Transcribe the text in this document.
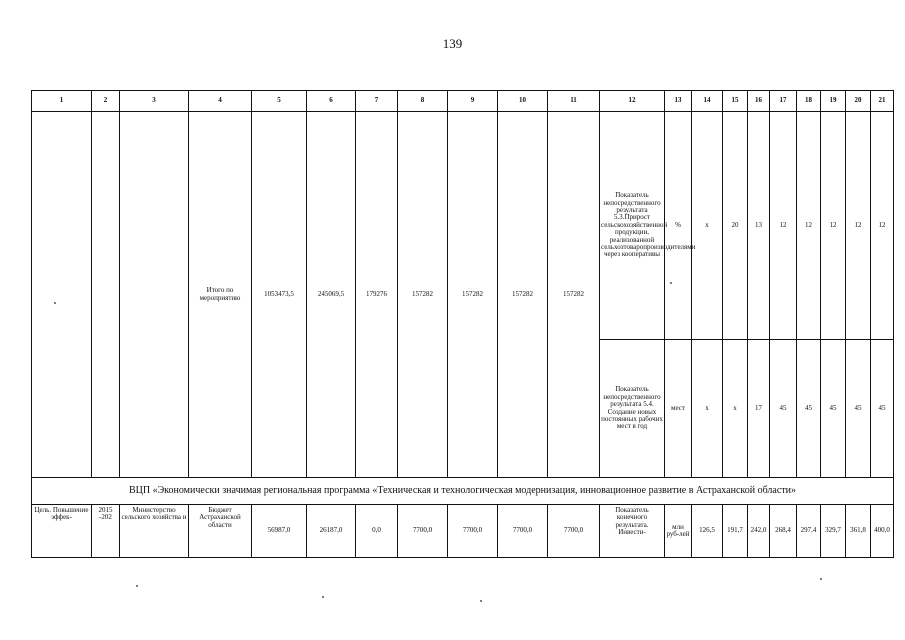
139
1	2	3	4	5	6	7	8	9	10	11	12	13	14	15	16	17	18	19	20	21
			Итого по мероприятию	1053473,5	245069,5	179276	157282	157282	157282	157282	Показатель непосредственного результата 5.3.Прирост сельскохозяйственной продукции, реализованной сельхозтоваропроизводителями через кооперативы	%	x	20	13	12	12	12	12	12
											Показатель непосредственного результата 5.4. Создание новых постоянных рабочих мест в год	мест	x	x	17	45	45	45	45	45
ВЦП «Экономически значимая региональная программа «Техническая и технологическая модернизация, инновационное развитие в Астраханской области»																				

Цель. Повышение эффек-	2015 -202	Министерство сельского хозяйства и	Бюджет Астраханской области	56987,0	26187,0	0,0	7700,0	7700,0	7700,0	7700,0	Показатель конечного результата. Инвести-	млн руб-лей	126,5	191,7	242,0	268,4	297,4	329,7	361,8	400,0
